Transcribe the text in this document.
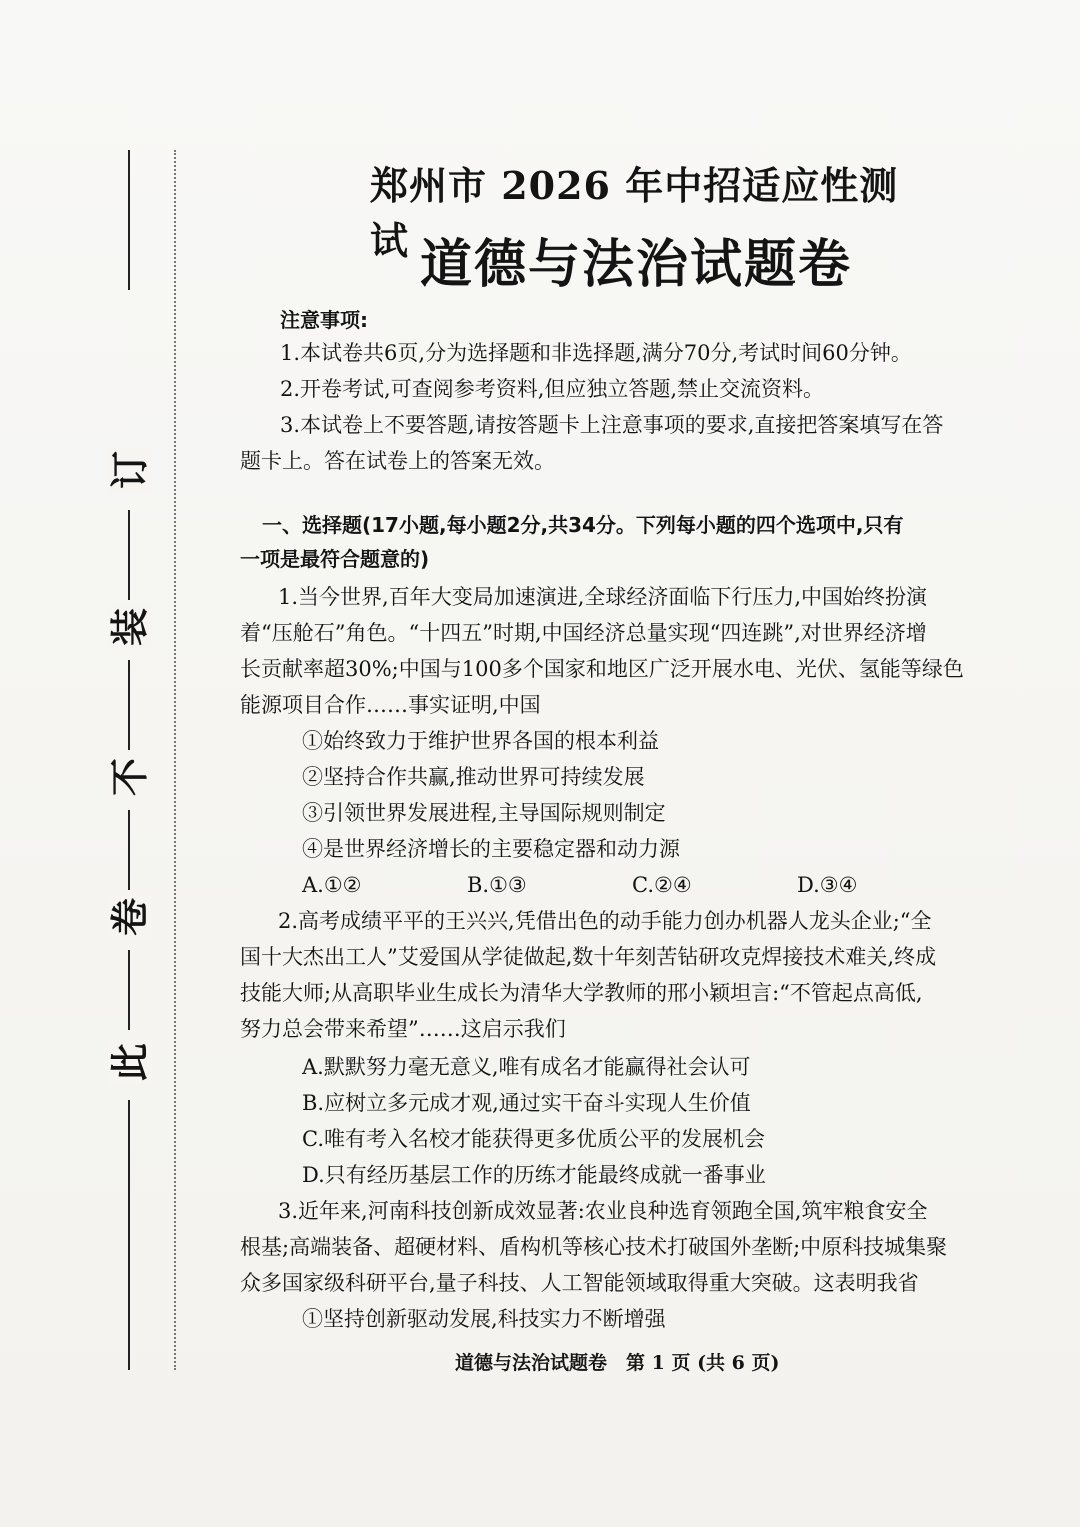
订
装
不
卷
此
郑州市 2026 年中招适应性测试 道德与法治试题卷
注意事项:
1.本试卷共6页,分为选择题和非选择题,满分70分,考试时间60分钟。
2.开卷考试,可查阅参考资料,但应独立答题,禁止交流资料。
3.本试卷上不要答题,请按答题卡上注意事项的要求,直接把答案填写在答
题卡上。答在试卷上的答案无效。
一、选择题(17小题,每小题2分,共34分。下列每小题的四个选项中,只有
一项是最符合题意的)
1.当今世界,百年大变局加速演进,全球经济面临下行压力,中国始终扮演
着“压舱石”角色。“十四五”时期,中国经济总量实现“四连跳”,对世界经济增
长贡献率超30%;中国与100多个国家和地区广泛开展水电、光伏、氢能等绿色
能源项目合作……事实证明,中国
①始终致力于维护世界各国的根本利益
②坚持合作共赢,推动世界可持续发展
③引领世界发展进程,主导国际规则制定
④是世界经济增长的主要稳定器和动力源
A.①②	B.①③	C.②④	D.③④
2.高考成绩平平的王兴兴,凭借出色的动手能力创办机器人龙头企业;“全
国十大杰出工人”艾爱国从学徒做起,数十年刻苦钻研攻克焊接技术难关,终成
技能大师;从高职毕业生成长为清华大学教师的邢小颖坦言:“不管起点高低,
努力总会带来希望”……这启示我们
A.默默努力毫无意义,唯有成名才能赢得社会认可
B.应树立多元成才观,通过实干奋斗实现人生价值
C.唯有考入名校才能获得更多优质公平的发展机会
D.只有经历基层工作的历练才能最终成就一番事业
3.近年来,河南科技创新成效显著:农业良种选育领跑全国,筑牢粮食安全
根基;高端装备、超硬材料、盾构机等核心技术打破国外垄断;中原科技城集聚
众多国家级科研平台,量子科技、人工智能领域取得重大突破。这表明我省
①坚持创新驱动发展,科技实力不断增强
道德与法治试题卷　第 1 页 (共 6 页)
